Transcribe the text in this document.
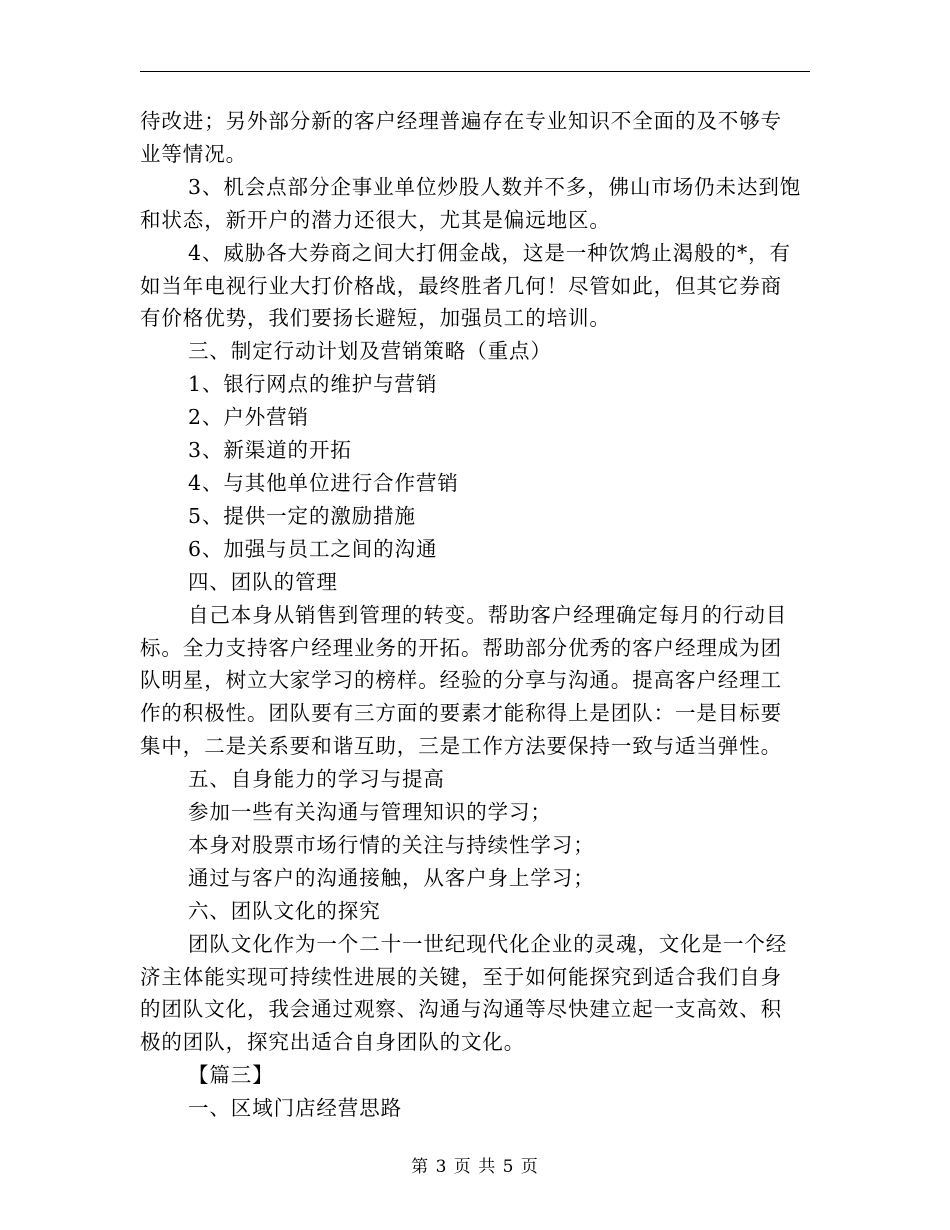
待改进；另外部分新的客户经理普遍存在专业知识不全面的及不够专

业等情况。

3、机会点部分企事业单位炒股人数并不多，佛山市场仍未达到饱

和状态，新开户的潜力还很大，尤其是偏远地区。

4、威胁各大券商之间大打佣金战，这是一种饮鸩止渴般的*，有

如当年电视行业大打价格战，最终胜者几何！尽管如此，但其它券商

有价格优势，我们要扬长避短，加强员工的培训。

三、制定行动计划及营销策略（重点）

1、银行网点的维护与营销

2、户外营销

3、新渠道的开拓

4、与其他单位进行合作营销

5、提供一定的激励措施

6、加强与员工之间的沟通

四、团队的管理

自己本身从销售到管理的转变。帮助客户经理确定每月的行动目

标。全力支持客户经理业务的开拓。帮助部分优秀的客户经理成为团

队明星，树立大家学习的榜样。经验的分享与沟通。提高客户经理工

作的积极性。团队要有三方面的要素才能称得上是团队：一是目标要

集中，二是关系要和谐互助，三是工作方法要保持一致与适当弹性。

五、自身能力的学习与提高

参加一些有关沟通与管理知识的学习；

本身对股票市场行情的关注与持续性学习；

通过与客户的沟通接触，从客户身上学习；

六、团队文化的探究

团队文化作为一个二十一世纪现代化企业的灵魂，文化是一个经

济主体能实现可持续性进展的关键，至于如何能探究到适合我们自身

的团队文化，我会通过观察、沟通与沟通等尽快建立起一支高效、积

极的团队，探究出适合自身团队的文化。

【篇三】

一、区域门店经营思路

第 3 页 共 5 页
